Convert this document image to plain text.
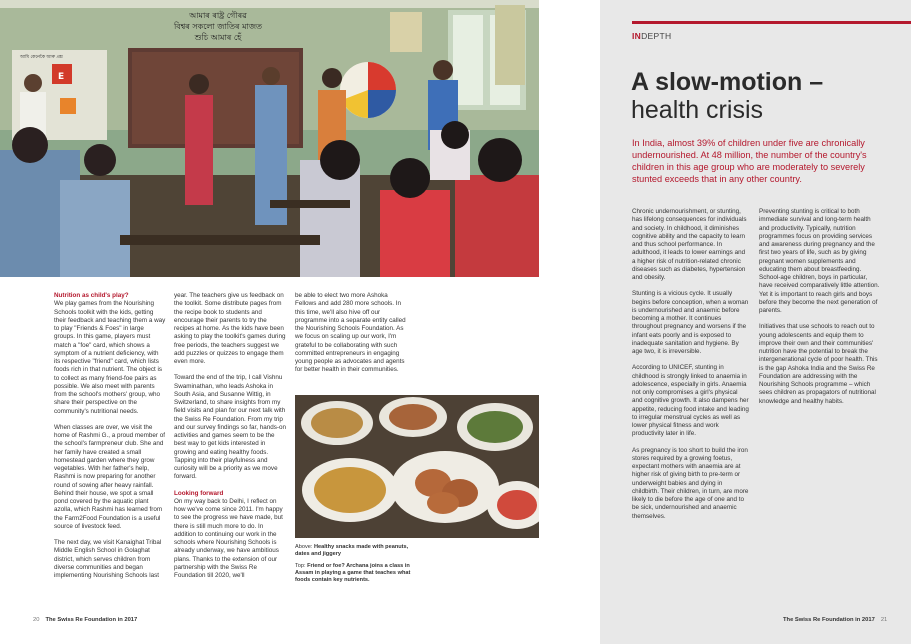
আমাৰ ৰাষ্ট্ৰ গৌৰৱ
বিশ্বৰ সকলো জাতিৰ মাজত
শুচি আমাৰ হেঁ
E
আমি কেনেকৈ আৰু প্ৰশ্ন
Nutrition as child's play?

We play games from the Nourishing Schools toolkit with the kids, getting their feedback and teaching them a way to play "Friends & Foes" in large groups. In this game, players must match a "foe" card, which shows a symptom of a nutrient deficiency, with its respective "friend" card, which lists foods rich in that nutrient. The object is to collect as many friend-foe pairs as possible. We also meet with parents from the school's mothers' group, who share their perspective on the community's nutritional needs.

When classes are over, we visit the home of Rashmi G., a proud member of the school's farmpreneur club. She and her family have created a small homestead garden where they grow vegetables. With her father's help, Rashmi is now preparing for another round of sowing after heavy rainfall. Behind their house, we spot a small pond covered by the aquatic plant azolla, which Rashmi has learned from the Farm2Food Foundation is a useful source of livestock feed.

The next day, we visit Kanaighat Tribal Middle English School in Golaghat district, which serves children from diverse communities and began implementing Nourishing Schools last

year. The teachers give us feedback on the toolkit. Some distribute pages from the recipe book to students and encourage their parents to try the recipes at home. As the kids have been asking to play the toolkit's games during free periods, the teachers suggest we add puzzles or quizzes to engage them even more.

Toward the end of the trip, I call Vishnu Swaminathan, who leads Ashoka in South Asia, and Susanne Wittig, in Switzerland, to share insights from my field visits and plan for our next talk with the Swiss Re Foundation. From my trip and our survey findings so far, hands-on activities and games seem to be the best way to get kids interested in growing and eating healthy foods. Tapping into their playfulness and curiosity will be a priority as we move forward.

Looking forward

On my way back to Delhi, I reflect on how we've come since 2011. I'm happy to see the progress we have made, but there is still much more to do. In addition to continuing our work in the schools where Nourishing Schools is already underway, we have ambitious plans. Thanks to the extension of our partnership with the Swiss Re Foundation till 2020, we'll

be able to elect two more Ashoka Fellows and add 280 more schools. In this time, we'll also hive off our programme into a separate entity called the Nourishing Schools Foundation. As we focus on scaling up our work, I'm grateful to be collaborating with such committed entrepreneurs in engaging young people as advocates and agents for better health in their communities.

Above: Healthy snacks made with peanuts, dates and jiggery
Top: Friend or foe? Archana joins a class in Assam in playing a game that teaches what foods contain key nutrients.
20 The Swiss Re Foundation in 2017
INDEPTH
A slow-motion –
health crisis
In India, almost 39% of children under five are chronically undernourished. At 48 million, the number of the country's children in this age group who are moderately to severely stunted exceeds that in any other country.

Chronic undernourishment, or stunting, has lifelong consequences for individuals and society. In childhood, it diminishes cognitive ability and the capacity to learn and thus school performance. In adulthood, it leads to lower earnings and a higher risk of nutrition-related chronic diseases such as diabetes, hypertension and obesity.

Stunting is a vicious cycle. It usually begins before conception, when a woman is undernourished and anaemic before becoming a mother. It continues throughout pregnancy and worsens if the infant eats poorly and is exposed to inadequate sanitation and hygiene. By age two, it is irreversible.

According to UNICEF, stunting in childhood is strongly linked to anaemia in adolescence, especially in girls. Anaemia not only compromises a girl's physical and cognitive growth. It also dampens her appetite, reducing food intake and leading to irregular menstrual cycles as well as lower physical fitness and work productivity later in life.

As pregnancy is too short to build the iron stores required by a growing foetus, expectant mothers with anaemia are at higher risk of giving birth to pre-term or underweight babies and dying in childbirth. Their children, in turn, are more likely to die before the age of one and to be sick, undernourished and anaemic themselves.

Preventing stunting is critical to both immediate survival and long-term health and productivity. Typically, nutrition programmes focus on providing services and awareness during pregnancy and the first two years of life, such as by giving pregnant women supplements and educating them about breastfeeding. School-age children, boys in particular, have received comparatively little attention. Yet it is important to reach girls and boys before they become the next generation of parents.

Initiatives that use schools to reach out to young adolescents and equip them to improve their own and their communities' nutrition have the potential to break the intergenerational cycle of poor health. This is the gap Ashoka India and the Swiss Re Foundation are addressing with the Nourishing Schools programme – which sees children as propagators of nutritional knowledge and healthy habits.

The Swiss Re Foundation in 2017 21
